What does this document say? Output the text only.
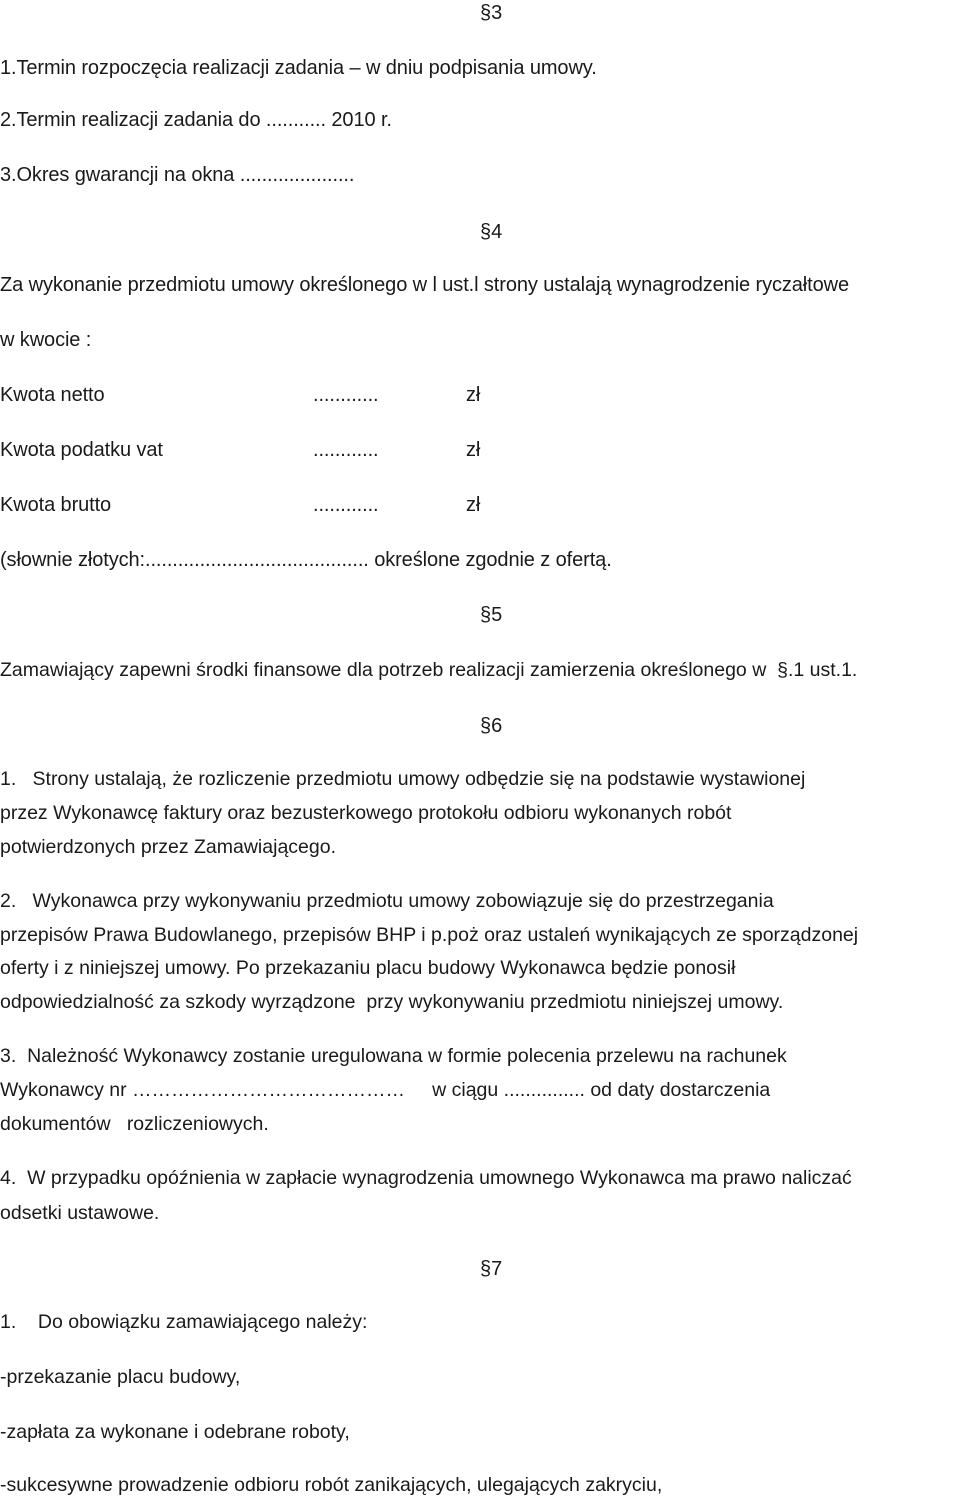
§3
1.Termin rozpoczęcia realizacji zadania – w dniu podpisania umowy.
2.Termin realizacji zadania do ........... 2010 r.
3.Okres gwarancji na okna .....................
§4
Za wykonanie przedmiotu umowy określonego w l ust.l strony ustalają wynagrodzenie ryczałtowe
w kwocie :
Kwota netto	............	zł
Kwota podatku vat	............	zł
Kwota brutto	............	zł
(słownie złotych:......................................... określone zgodnie z ofertą.
§5
Zamawiający zapewni środki finansowe dla potrzeb realizacji zamierzenia określonego w  §.1 ust.1.
§6
1.   Strony ustalają, że rozliczenie przedmiotu umowy odbędzie się na podstawie wystawionej
przez Wykonawcę faktury oraz bezusterkowego protokołu odbioru wykonanych robót
potwierdzonych przez Zamawiającego.
2.   Wykonawca przy wykonywaniu przedmiotu umowy zobowiązuje się do przestrzegania
przepisów Prawa Budowlanego, przepisów BHP i p.poż oraz ustaleń wynikających ze sporządzonej
oferty i z niniejszej umowy. Po przekazaniu placu budowy Wykonawca będzie ponosił
odpowiedzialność za szkody wyrządzone  przy wykonywaniu przedmiotu niniejszej umowy.
3.  Należność Wykonawcy zostanie uregulowana w formie polecenia przelewu na rachunek
Wykonawcy nr ……………………………………     w ciągu ............... od daty dostarczenia
dokumentów   rozliczeniowych.
4.  W przypadku opóźnienia w zapłacie wynagrodzenia umownego Wykonawca ma prawo naliczać
odsetki ustawowe.
§7
1.    Do obowiązku zamawiającego należy:
-przekazanie placu budowy,
-zapłata za wykonane i odebrane roboty,
-sukcesywne prowadzenie odbioru robót zanikających, ulegających zakryciu,
